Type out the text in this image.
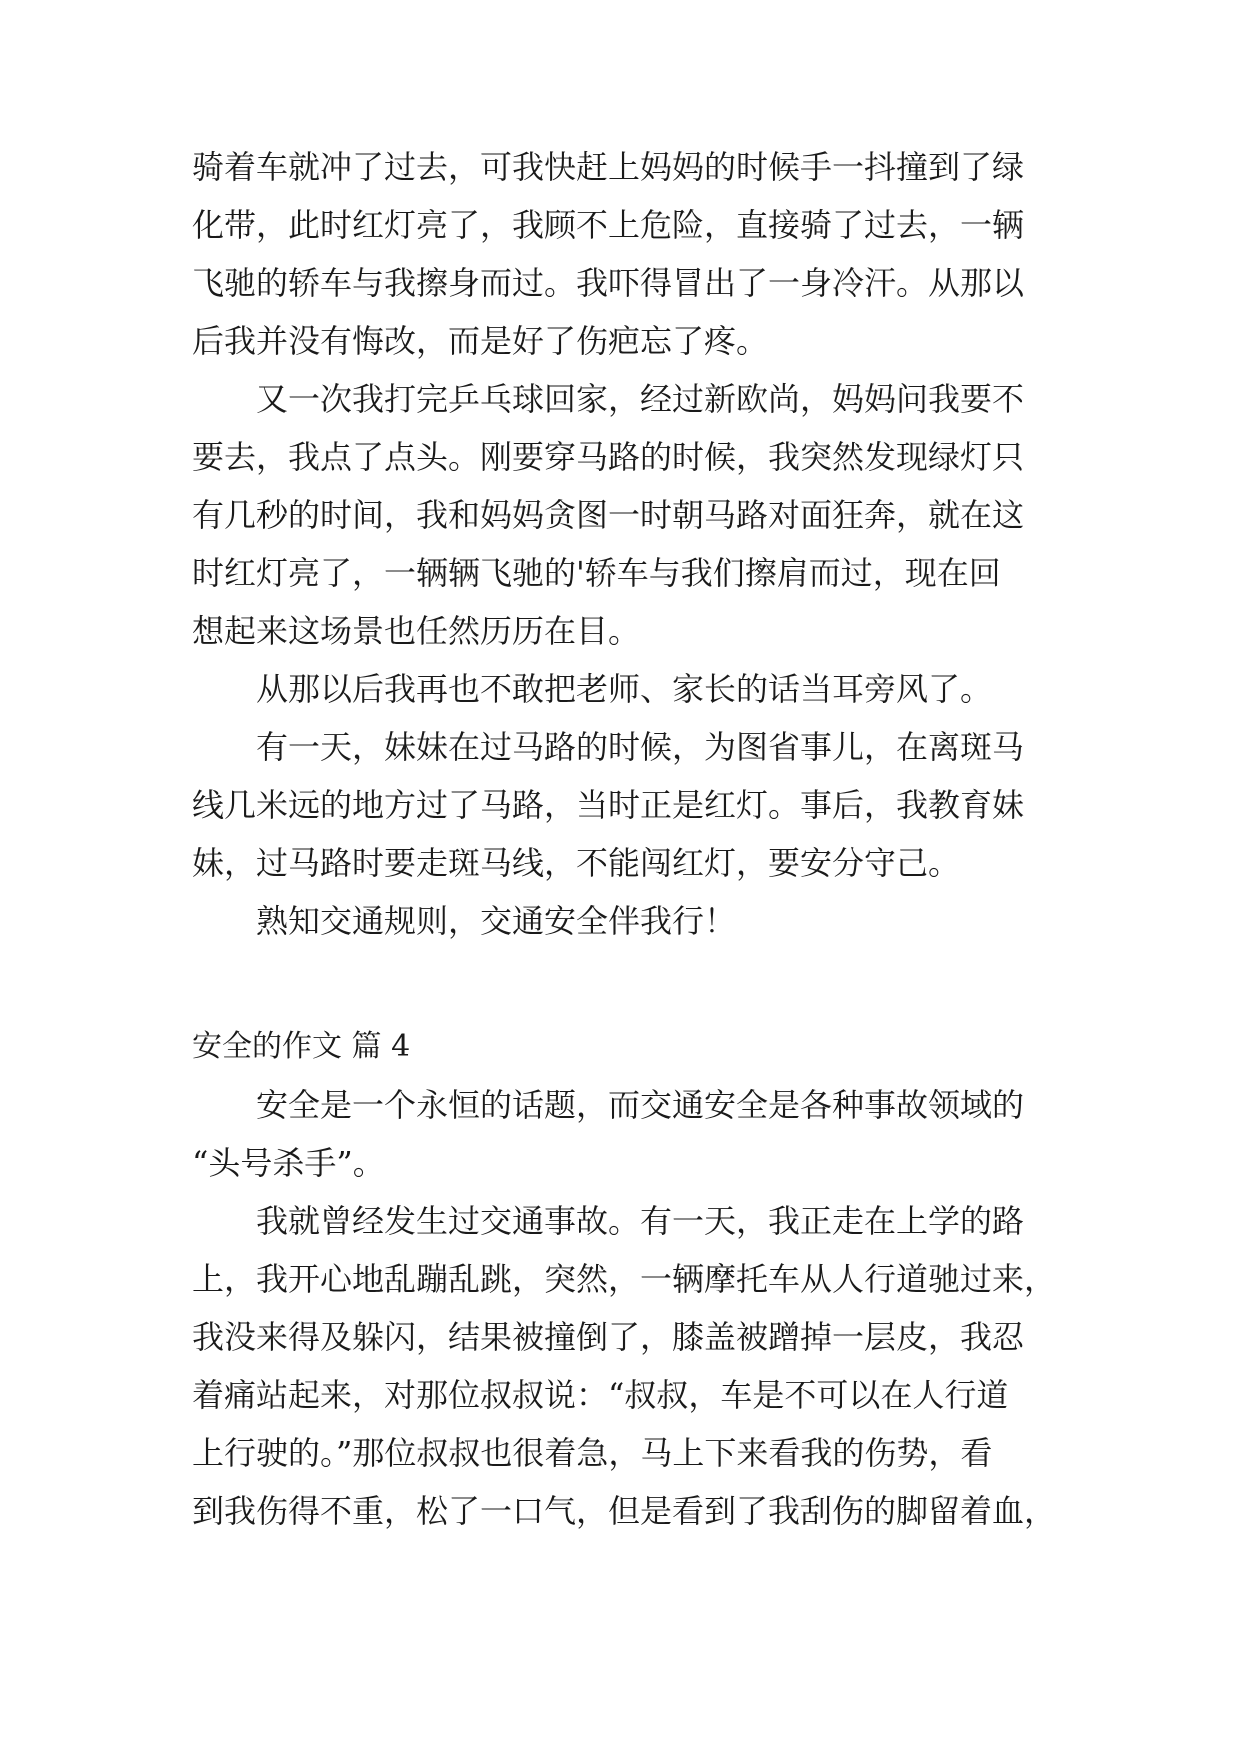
骑着车就冲了过去，可我快赶上妈妈的时候手一抖撞到了绿
化带，此时红灯亮了，我顾不上危险，直接骑了过去，一辆
飞驰的轿车与我擦身而过。我吓得冒出了一身冷汗。从那以
后我并没有悔改，而是好了伤疤忘了疼。
又一次我打完乒乓球回家，经过新欧尚，妈妈问我要不
要去，我点了点头。刚要穿马路的时候，我突然发现绿灯只
有几秒的时间，我和妈妈贪图一时朝马路对面狂奔，就在这
时红灯亮了，一辆辆飞驰的'轿车与我们擦肩而过，现在回
想起来这场景也任然历历在目。
从那以后我再也不敢把老师、家长的话当耳旁风了。
有一天，妹妹在过马路的时候，为图省事儿，在离斑马
线几米远的地方过了马路，当时正是红灯。事后，我教育妹
妹，过马路时要走斑马线，不能闯红灯，要安分守己。
熟知交通规则，交通安全伴我行！
安全的作文 篇 4
安全是一个永恒的话题，而交通安全是各种事故领域的
“头号杀手”。
我就曾经发生过交通事故。有一天，我正走在上学的路
上，我开心地乱蹦乱跳，突然，一辆摩托车从人行道驰过来，
我没来得及躲闪，结果被撞倒了，膝盖被蹭掉一层皮，我忍
着痛站起来，对那位叔叔说：“叔叔，车是不可以在人行道
上行驶的。”那位叔叔也很着急，马上下来看我的伤势，看
到我伤得不重，松了一口气，但是看到了我刮伤的脚留着血，
